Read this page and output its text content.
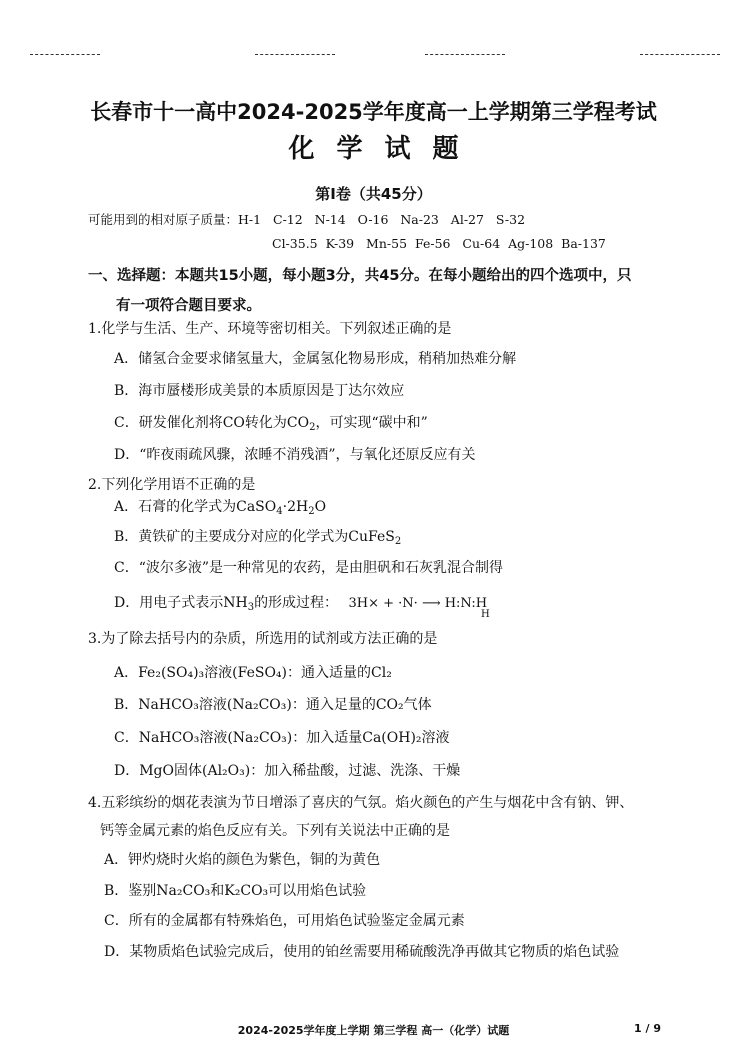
长春市十一高中2024-2025学年度高一上学期第三学程考试
化学试题
第Ⅰ卷（共45分）
可能用到的相对原子质量：H-1   C-12   N-14   O-16   Na-23   Al-27   S-32
Cl-35.5  K-39   Mn-55  Fe-56   Cu-64  Ag-108  Ba-137
一、选择题：本题共15小题，每小题3分，共45分。在每小题给出的四个选项中，只
有一项符合题目要求。
1.化学与生活、生产、环境等密切相关。下列叙述正确的是
A．储氢合金要求储氢量大，金属氢化物易形成，稍稍加热难分解
B．海市蜃楼形成美景的本质原因是丁达尔效应
C．研发催化剂将CO转化为$CO_2$，可实现“碳中和”
D．“昨夜雨疏风骤，浓睡不消残酒”，与氧化还原反应有关
2.下列化学用语不正确的是
A．石膏的化学式为$CaSO_4\cdot 2H_2O$
B．黄铁矿的主要成分对应的化学式为CuFeS$_2$
C．“波尔多液”是一种常见的农药，是由胆矾和石灰乳混合制得
D．用电子式表示$NH_3$的形成过程： 3H× + ·N· ⟶ H:N:H
H
3.为了除去括号内的杂质，所选用的试剂或方法正确的是
A．Fe₂(SO₄)₃溶液(FeSO₄)：通入适量的Cl₂
B．NaHCO₃溶液(Na₂CO₃)：通入足量的CO₂气体
C．NaHCO₃溶液(Na₂CO₃)：加入适量Ca(OH)₂溶液
D．MgO固体(Al₂O₃)：加入稀盐酸，过滤、洗涤、干燥
4.五彩缤纷的烟花表演为节日增添了喜庆的气氛。焰火颜色的产生与烟花中含有钠、钾、
钙等金属元素的焰色反应有关。下列有关说法中正确的是
A．钾灼烧时火焰的颜色为紫色，铜的为黄色
B．鉴别Na₂CO₃和K₂CO₃可以用焰色试验
C．所有的金属都有特殊焰色，可用焰色试验鉴定金属元素
D．某物质焰色试验完成后，使用的铂丝需要用稀硫酸洗净再做其它物质的焰色试验
2024-2025学年度上学期 第三学程 高一（化学）试题	1 / 9
